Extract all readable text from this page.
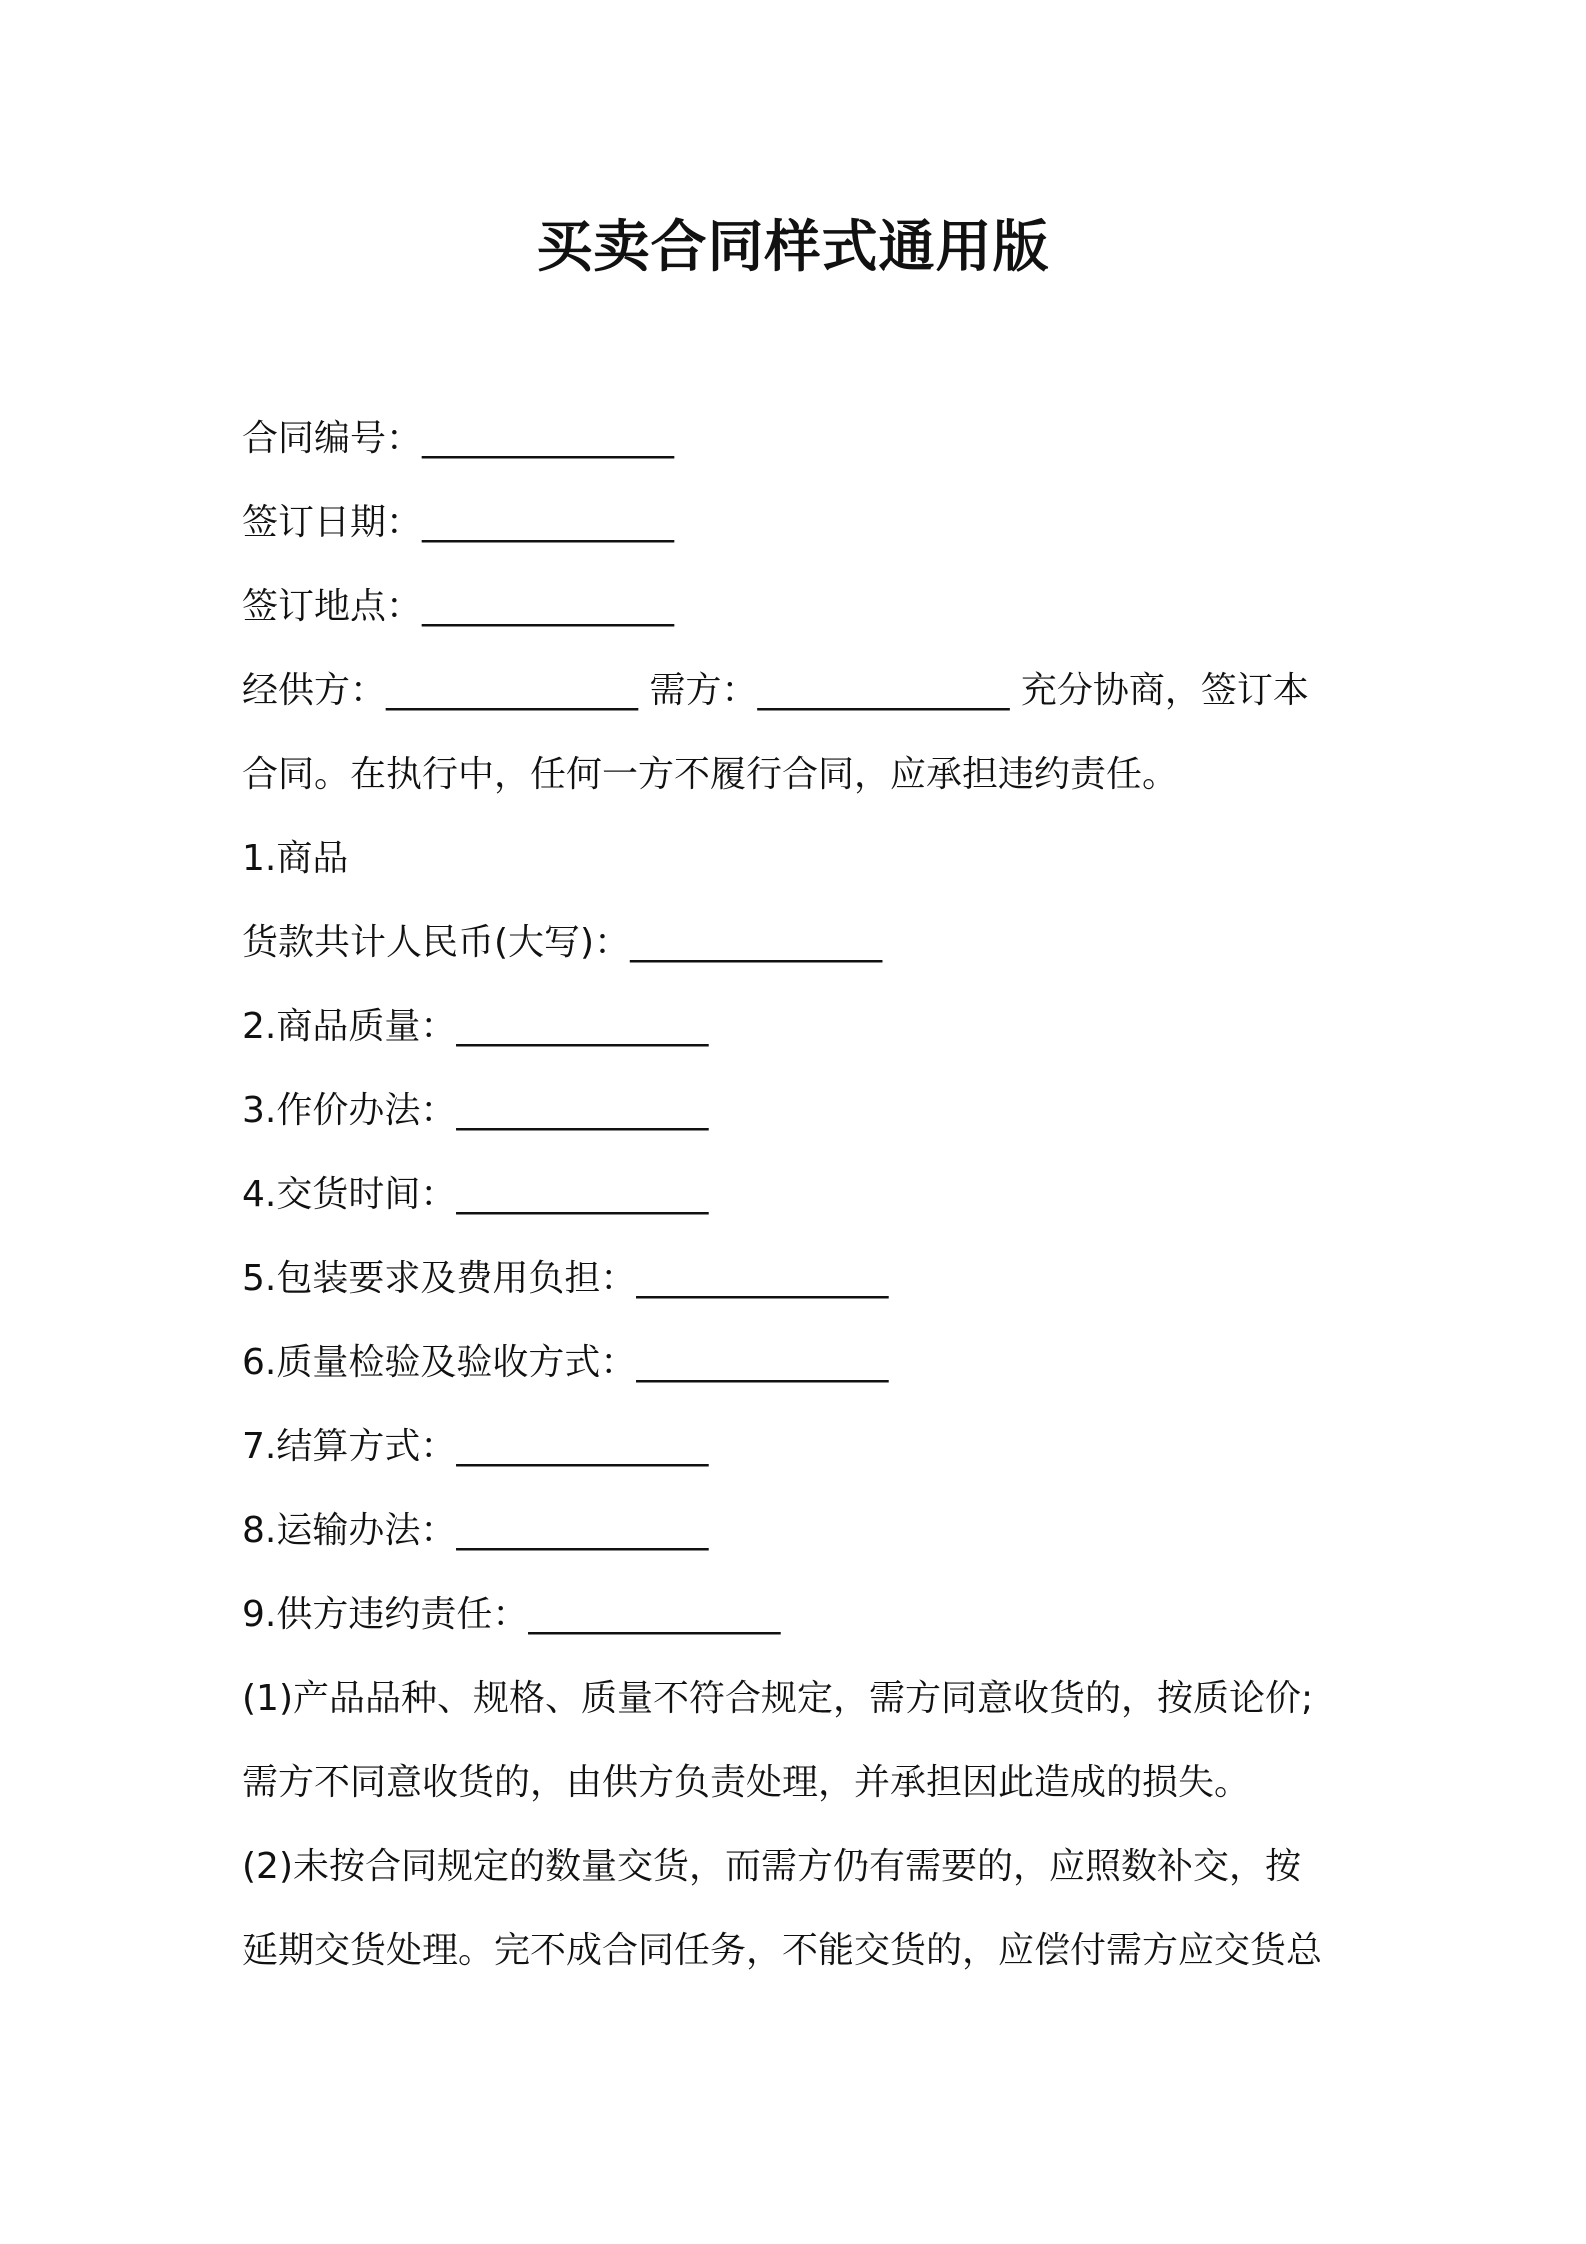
买卖合同样式通用版

合同编号：______________

签订日期：______________

签订地点：______________

经供方：______________ 需方：______________ 充分协商，签订本

合同。在执行中，任何一方不履行合同，应承担违约责任。

1.商品

货款共计人民币(大写)：______________

2.商品质量：______________

3.作价办法：______________

4.交货时间：______________

5.包装要求及费用负担：______________

6.质量检验及验收方式：______________

7.结算方式：______________

8.运输办法：______________

9.供方违约责任：______________

(1)产品品种、规格、质量不符合规定，需方同意收货的，按质论价;

需方不同意收货的，由供方负责处理，并承担因此造成的损失。

(2)未按合同规定的数量交货，而需方仍有需要的，应照数补交，按

延期交货处理。完不成合同任务，不能交货的，应偿付需方应交货总
